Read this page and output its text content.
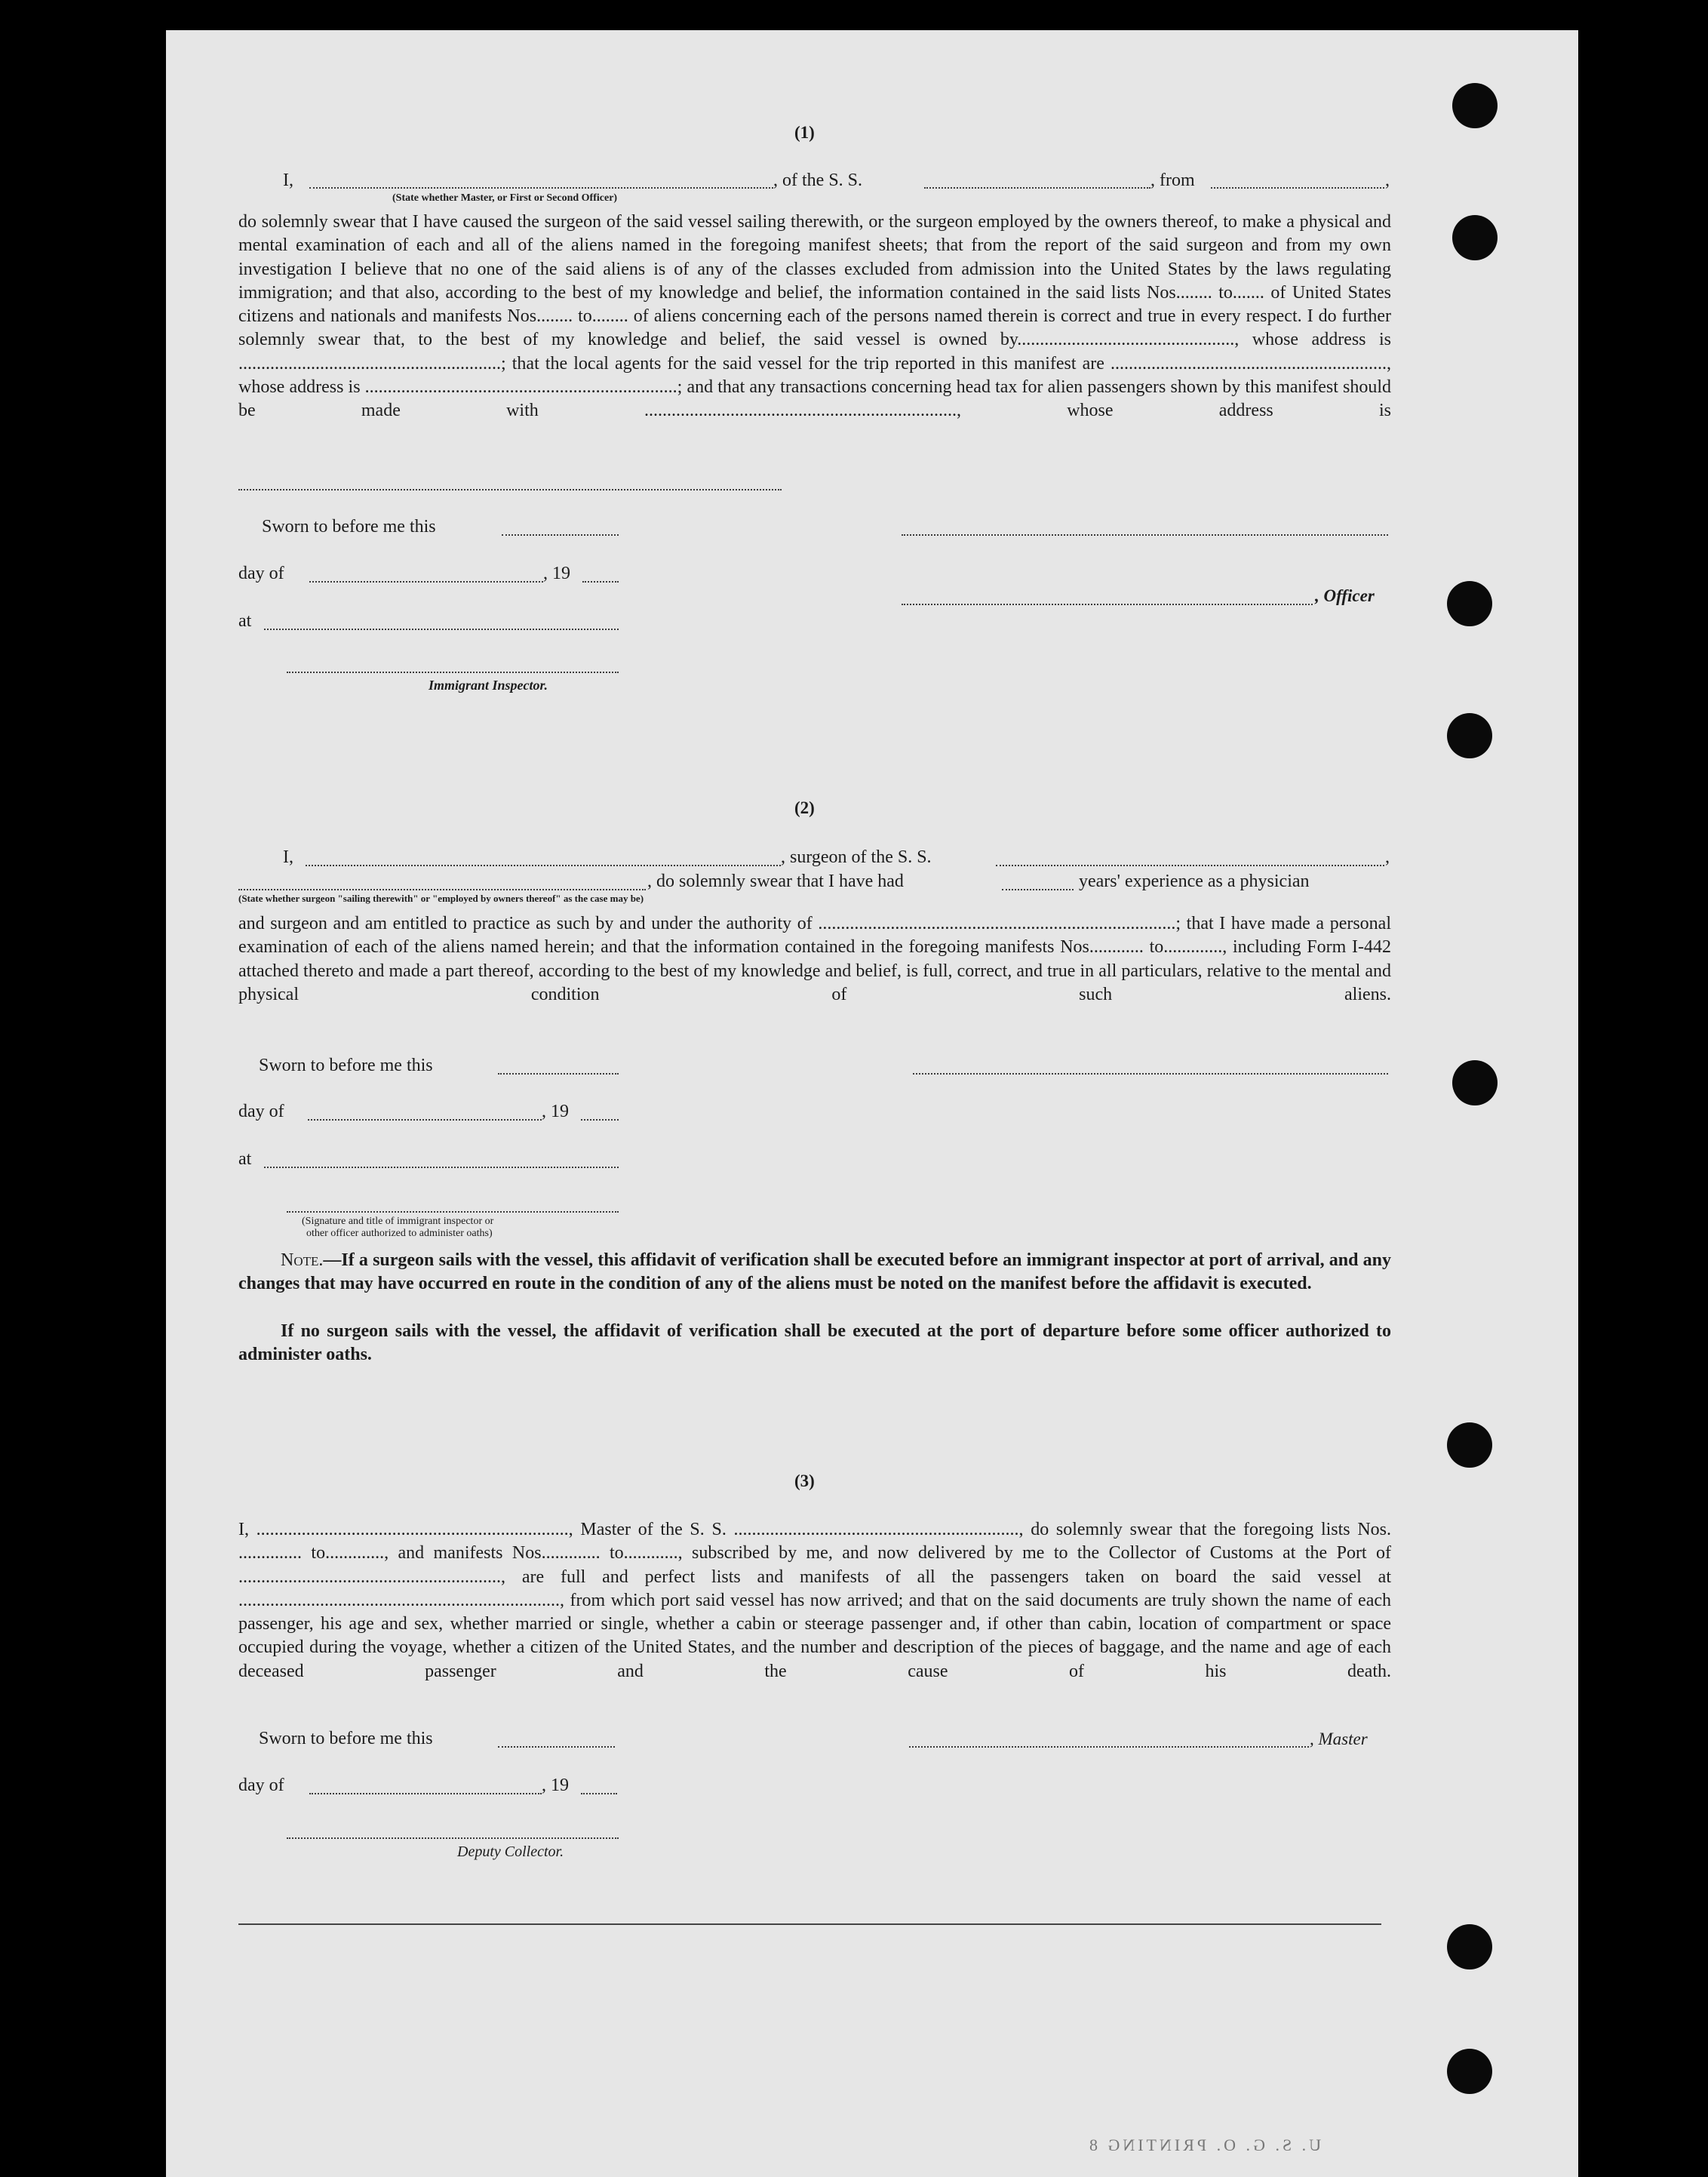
(1)
I,	, of the S. S.	, from	,
(State whether Master, or First or Second Officer)
do solemnly swear that I have caused the surgeon of the said vessel sailing therewith, or the surgeon employed by the owners thereof, to make a physical and mental examination of each and all of the aliens named in the foregoing manifest sheets; that from the report of the said surgeon and from my own investigation I believe that no one of the said aliens is of any of the classes excluded from admission into the United States by the laws regulating immigration; and that also, according to the best of my knowledge and belief, the information contained in the said lists Nos........ to....... of United States citizens and nationals and manifests Nos........ to........ of aliens concerning each of the persons named therein is correct and true in every respect. I do further solemnly swear that, to the best of my knowledge and belief, the said vessel is owned by................................................, whose address is ..........................................................; that the local agents for the said vessel for the trip reported in this manifest are ............................................................., whose address is .....................................................................; and that any transactions concerning head tax for alien passengers shown by this manifest should be made with ....................................................................., whose address is
Sworn to before me this
day of	, 19
, Officer
at
Immigrant Inspector.
(2)
I,	, surgeon of the S. S.	,
, do solemnly swear that I have had	years' experience as a physician
(State whether surgeon "sailing therewith" or "employed by owners thereof" as the case may be)
and surgeon and am entitled to practice as such by and under the authority of ...............................................................................; that I have made a personal examination of each of the aliens named herein; and that the information contained in the foregoing manifests Nos............ to............., including Form I-442 attached thereto and made a part thereof, according to the best of my knowledge and belief, is full, correct, and true in all particulars, relative to the mental and physical condition of such aliens.
Sworn to before me this
day of	, 19
at
(Signature and title of immigrant inspector or
other officer authorized to administer oaths)
Note.—If a surgeon sails with the vessel, this affidavit of verification shall be executed before an immigrant inspector at port of arrival, and any changes that may have occurred en route in the condition of any of the aliens must be noted on the manifest before the affidavit is executed.
If no surgeon sails with the vessel, the affidavit of verification shall be executed at the port of departure before some officer authorized to administer oaths.
(3)
I, ....................................................................., Master of the S. S. ..............................................................., do solemnly swear that the foregoing lists Nos. .............. to............., and manifests Nos............. to............, subscribed by me, and now delivered by me to the Collector of Customs at the Port of .........................................................., are full and perfect lists and manifests of all the passengers taken on board the said vessel at ......................................................................., from which port said vessel has now arrived; and that on the said documents are truly shown the name of each passenger, his age and sex, whether married or single, whether a cabin or steerage passenger and, if other than cabin, location of compartment or space occupied during the voyage, whether a citizen of the United States, and the number and description of the pieces of baggage, and the name and age of each deceased passenger and the cause of his death.
Sworn to before me this	, Master
day of	, 19
Deputy Collector.
U. S. G. O. PRINTING 8
